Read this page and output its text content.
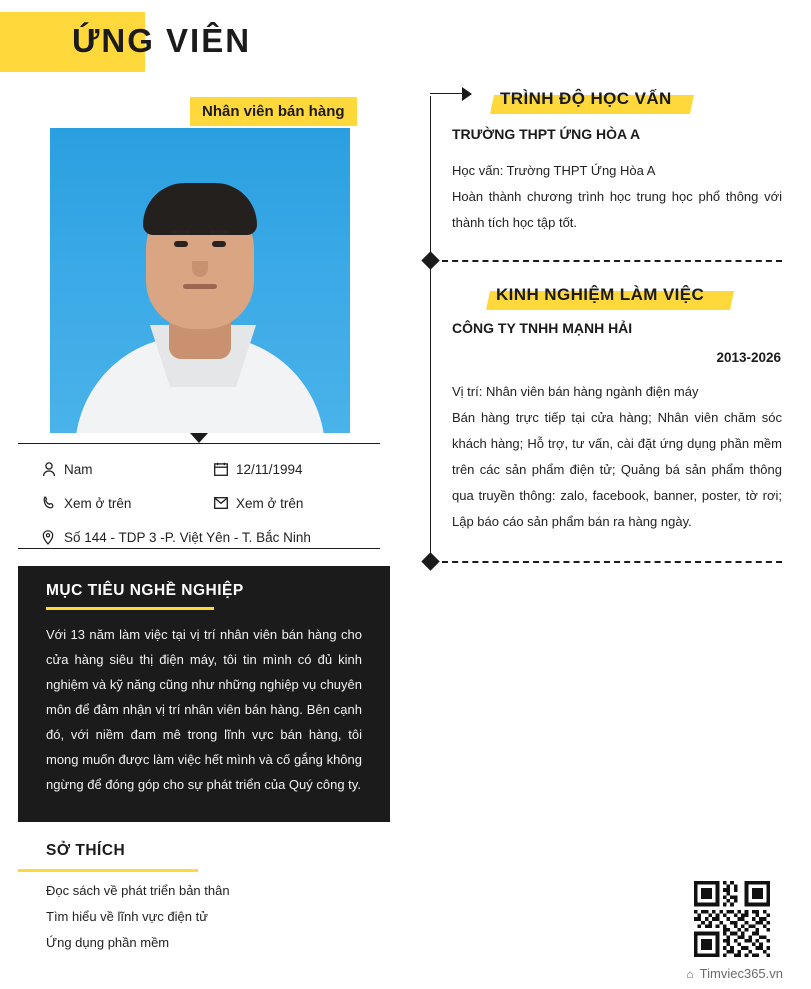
ỨNG VIÊN
Nhân viên bán hàng
Nam	12/11/1994
Xem ở trên	Xem ở trên
Số 144 - TDP 3 -P. Việt Yên - T. Bắc Ninh
MỤC TIÊU NGHỀ NGHIỆP
Với 13 năm làm việc tại vị trí nhân viên bán hàng cho cửa hàng siêu thị điện máy, tôi tin mình có đủ kinh nghiệm và kỹ năng cũng như những nghiệp vụ chuyên môn để đảm nhận vị trí nhân viên bán hàng. Bên cạnh đó, với niềm đam mê trong lĩnh vực bán hàng, tôi mong muốn được làm việc hết mình và cố gắng không ngừng để đóng góp cho sự phát triển của Quý công ty.
SỞ THÍCH
Đọc sách về phát triển bản thân
Tìm hiểu về lĩnh vực điện tử
Ứng dụng phần mềm
TRÌNH ĐỘ HỌC VẤN
TRƯỜNG THPT ỨNG HÒA A
Học vấn: Trường THPT Ứng Hòa A
Hoàn thành chương trình học trung học phổ thông với thành tích học tập tốt.
KINH NGHIỆM LÀM VIỆC
CÔNG TY TNHH MẠNH HẢI
2013-2026
Vị trí: Nhân viên bán hàng ngành điện máy
Bán hàng trực tiếp tại cửa hàng; Nhân viên chăm sóc khách hàng; Hỗ trợ, tư vấn, cài đặt ứng dụng phần mềm trên các sản phẩm điện tử; Quảng bá sản phẩm thông qua truyền thông: zalo, facebook, banner, poster, tờ rơi; Lập báo cáo sản phẩm bán ra hàng ngày.
⌂ Timviec365.vn
